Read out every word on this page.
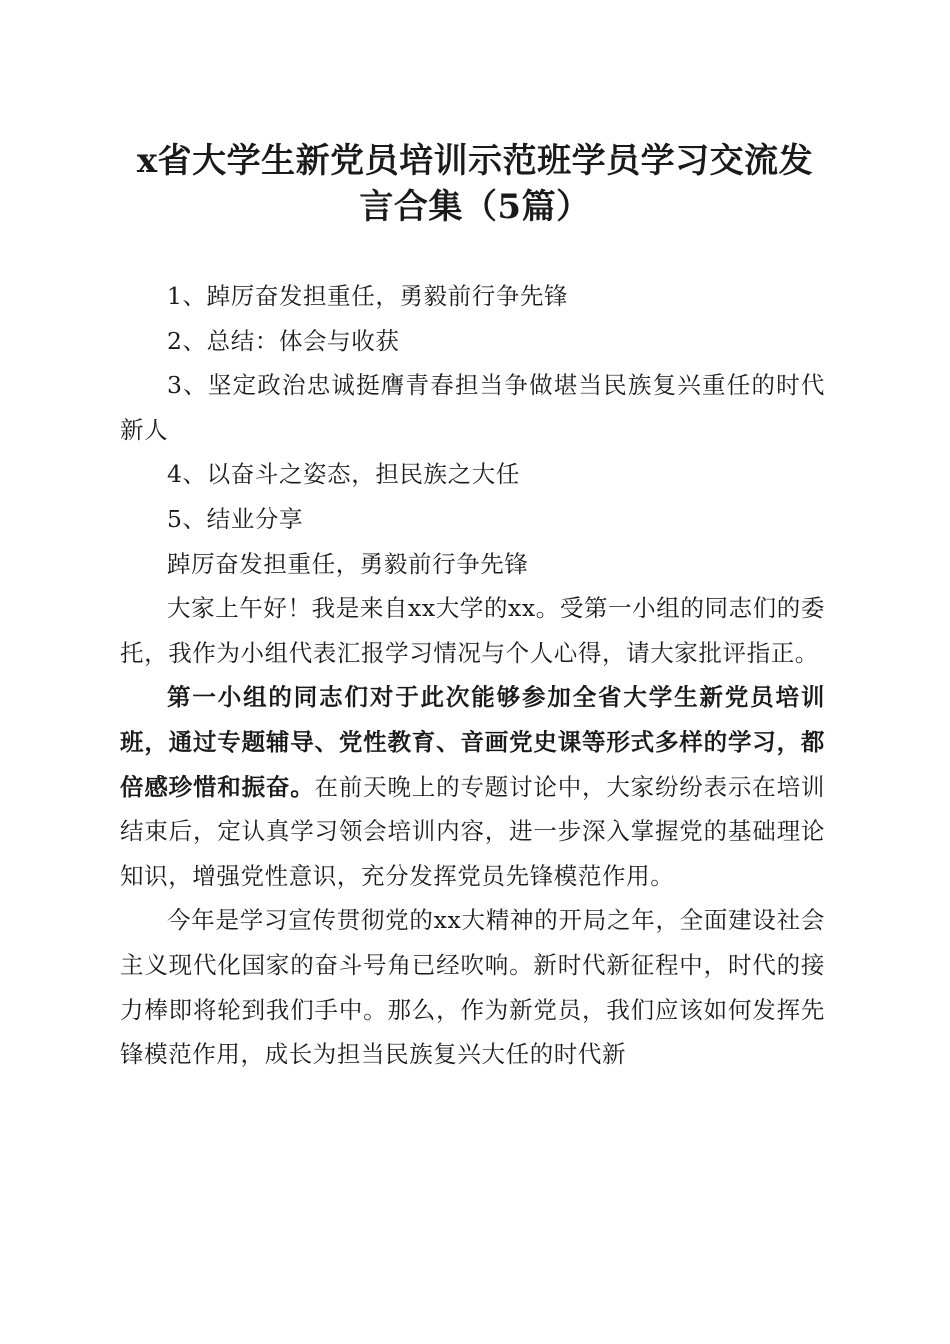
x省大学生新党员培训示范班学员学习交流发
言合集（5篇）

1、踔厉奋发担重任，勇毅前行争先锋

2、总结：体会与收获

3、坚定政治忠诚挺膺青春担当争做堪当民族复兴重任的时代新人

4、以奋斗之姿态，担民族之大任

5、结业分享

踔厉奋发担重任，勇毅前行争先锋

大家上午好！我是来自xx大学的xx。受第一小组的同志们的委托，我作为小组代表汇报学习情况与个人心得，请大家批评指正。

第一小组的同志们对于此次能够参加全省大学生新党员培训班，通过专题辅导、党性教育、音画党史课等形式多样的学习，都倍感珍惜和振奋。在前天晚上的专题讨论中，大家纷纷表示在培训结束后，定认真学习领会培训内容，进一步深入掌握党的基础理论知识，增强党性意识，充分发挥党员先锋模范作用。

今年是学习宣传贯彻党的xx大精神的开局之年，全面建设社会主义现代化国家的奋斗号角已经吹响。新时代新征程中，时代的接力棒即将轮到我们手中。那么，作为新党员，我们应该如何发挥先锋模范作用，成长为担当民族复兴大任的时代新
